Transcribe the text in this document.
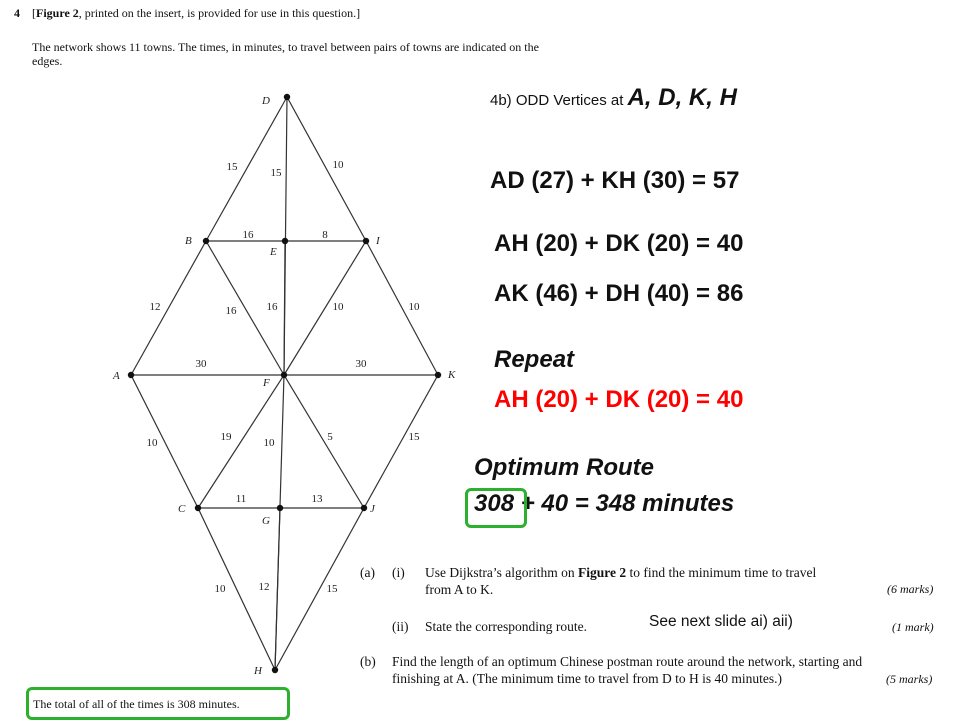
4 [Figure 2, printed on the insert, is provided for use in this question.]
The network shows 11 towns. The times, in minutes, to travel between pairs of towns are indicated on the edges.
15	15
10
16	8
12	16	16	10	10
30	30
10	19	10	5	15
11	13
10	12	15
D
B
E
I
A
F
K
C
G
J
H
4b) ODD Vertices at A, D, K, H
AD (27) + KH (30) = 57
AH (20) + DK (20) = 40
AK (46) + DH (40) = 86
Repeat
AH (20) + DK (20) = 40
Optimum Route
308 + 40 = 348 minutes
(a) (i) Use Dijkstra’s algorithm on Figure 2 to find the minimum time to travel
from A to K.	(6 marks)
(ii) State the corresponding route.	See next slide ai) aii)	(1 mark)
(b) Find the length of an optimum Chinese postman route around the network, starting and
finishing at A. (The minimum time to travel from D to H is 40 minutes.)	(5 marks)
The total of all of the times is 308 minutes.
